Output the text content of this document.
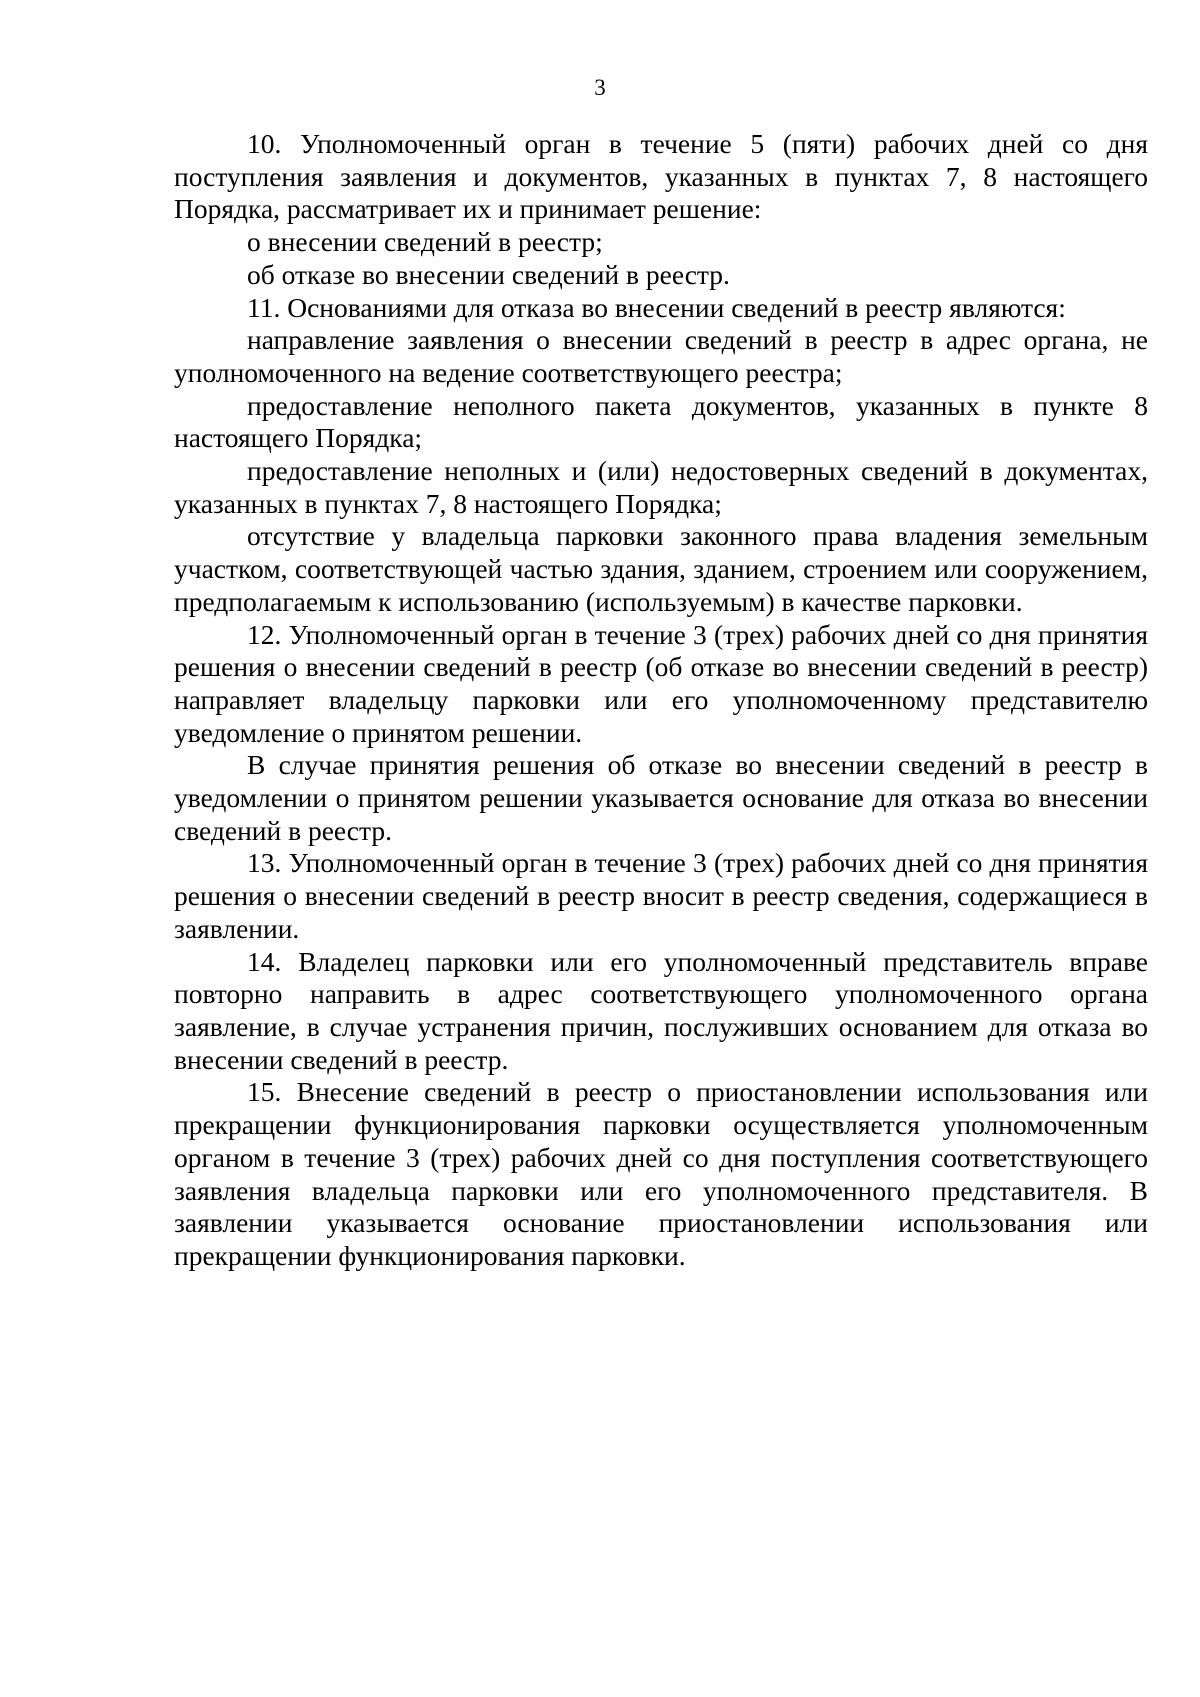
3

10. Уполномоченный орган в течение 5 (пяти) рабочих дней со дня поступления заявления и документов, указанных в пунктах 7, 8 настоящего Порядка, рассматривает их и принимает решение:

о внесении сведений в реестр;

об отказе во внесении сведений в реестр.

11. Основаниями для отказа во внесении сведений в реестр являются:

направление заявления о внесении сведений в реестр в адрес органа, не уполномоченного на ведение соответствующего реестра;

предоставление неполного пакета документов, указанных в пункте 8 настоящего Порядка;

предоставление неполных и (или) недостоверных сведений в документах, указанных в пунктах 7, 8 настоящего Порядка;

отсутствие у владельца парковки законного права владения земельным участком, соответствующей частью здания, зданием, строением или сооружением, предполагаемым к использованию (используемым) в качестве парковки.

12. Уполномоченный орган в течение 3 (трех) рабочих дней со дня принятия решения о внесении сведений в реестр (об отказе во внесении сведений в реестр) направляет владельцу парковки или его уполномоченному представителю уведомление о принятом решении.

В случае принятия решения об отказе во внесении сведений в реестр в уведомлении о принятом решении указывается основание для отказа во внесении сведений в реестр.

13. Уполномоченный орган в течение 3 (трех) рабочих дней со дня принятия решения о внесении сведений в реестр вносит в реестр сведения, содержащиеся в заявлении.

14. Владелец парковки или его уполномоченный представитель вправе повторно направить в адрес соответствующего уполномоченного органа заявление, в случае устранения причин, послуживших основанием для отказа во внесении сведений в реестр.

15. Внесение сведений в реестр о приостановлении использования или прекращении функционирования парковки осуществляется уполномоченным органом в течение 3 (трех) рабочих дней со дня поступления соответствующего заявления владельца парковки или его уполномоченного представителя. В заявлении указывается основание приостановлении использования или прекращении функционирования парковки.
